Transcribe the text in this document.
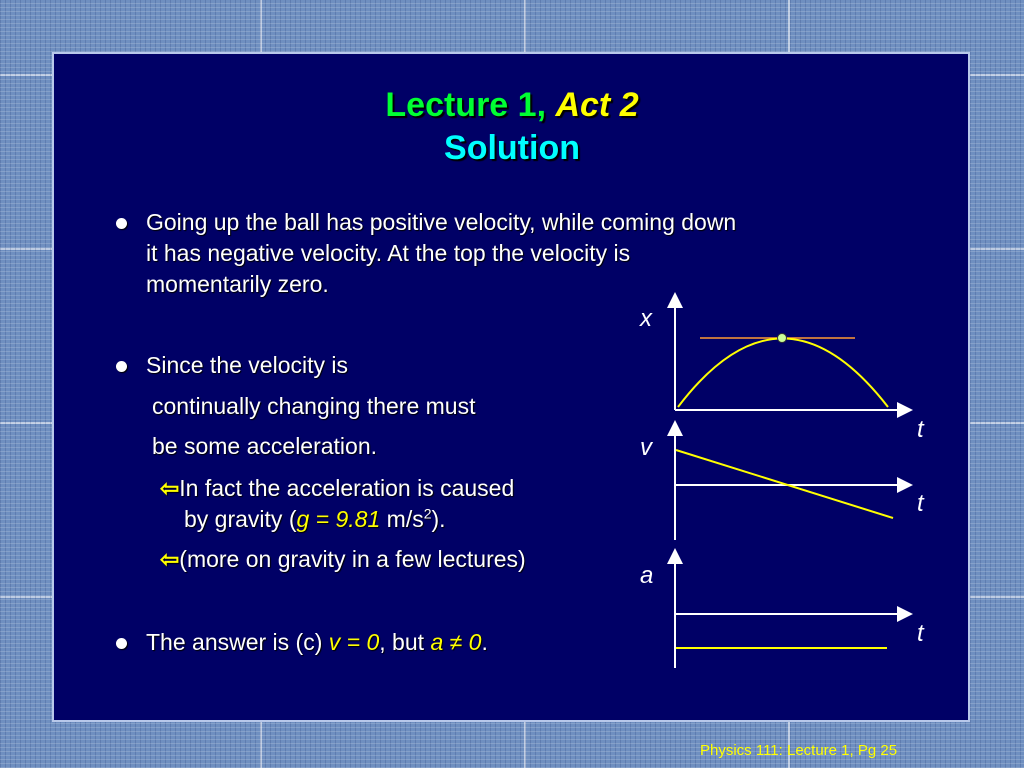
Lecture 1, Act 2
Solution
Going up the ball has positive velocity, while coming down
it has negative velocity. At the top the velocity is
momentarily zero.
Since the velocity is
continually changing there must
be some acceleration.
⇦In fact the acceleration is caused
by gravity (g = 9.81 $m/s^2$).
⇦(more on gravity in a few lectures)
The answer is (c) v = 0, but a ≠ 0.
x
t
v
t
a
t
Physics 111: Lecture 1, Pg 25
